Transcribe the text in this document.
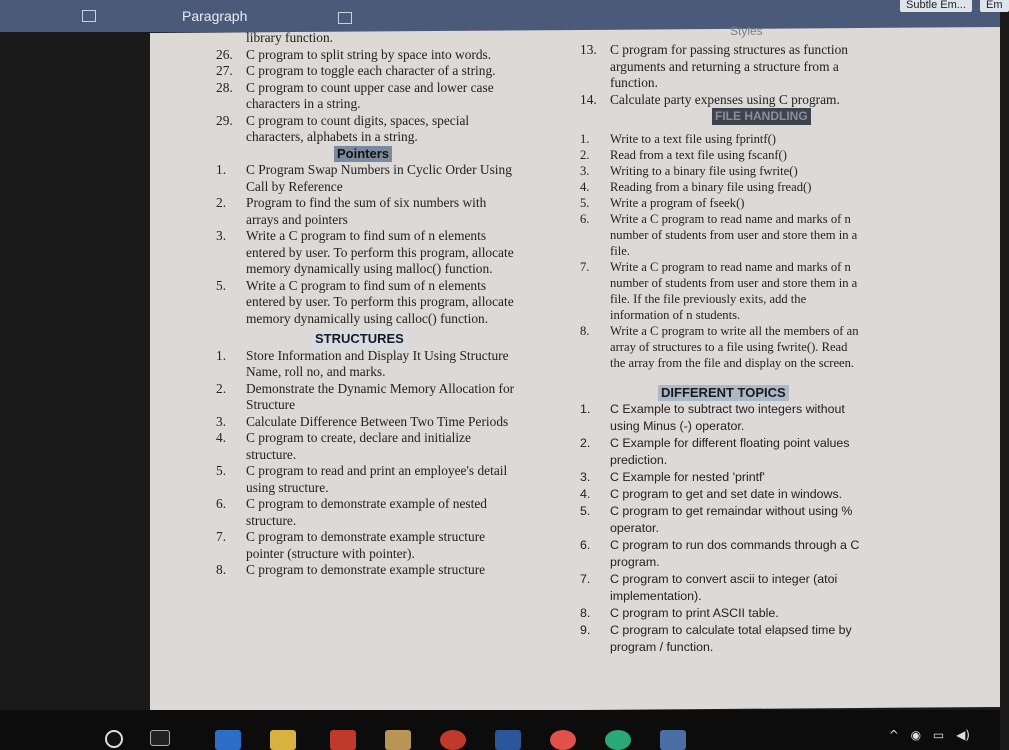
Paragraph
Subtle Em...	Em
Styles
library function.
26. C program to split string by space into words.
27. C program to toggle each character of a string.
28. C program to count upper case and lower case characters in a string.
29. C program to count digits, spaces, special characters, alphabets in a string.
Pointers
1. C Program Swap Numbers in Cyclic Order Using Call by Reference
2. Program to find the sum of six numbers with arrays and pointers
3. Write a C program to find sum of n elements entered by user. To perform this program, allocate memory dynamically using malloc() function.
5. Write a C program to find sum of n elements entered by user. To perform this program, allocate memory dynamically using calloc() function.
STRUCTURES
1. Store Information and Display It Using Structure Name, roll no, and marks.
2. Demonstrate the Dynamic Memory Allocation for Structure
3. Calculate Difference Between Two Time Periods
4. C program to create, declare and initialize structure.
5. C program to read and print an employee's detail using structure.
6. C program to demonstrate example of nested structure.
7. C program to demonstrate example structure pointer (structure with pointer).
8. C program to demonstrate example structure
13. C program for passing structures as function arguments and returning a structure from a function.
14. Calculate party expenses using C program.
FILE HANDLING
1. Write to a text file using fprintf()
2. Read from a text file using fscanf()
3. Writing to a binary file using fwrite()
4. Reading from a binary file using fread()
5. Write a program of fseek()
6. Write a C program to read name and marks of n number of students from user and store them in a file.
7. Write a C program to read name and marks of n number of students from user and store them in a file. If the file previously exits, add the information of n students.
8. Write a C program to write all the members of an array of structures to a file using fwrite(). Read the array from the file and display on the screen.
DIFFERENT TOPICS
1. C Example to subtract two integers without using Minus (-) operator.
2. C Example for different floating point values prediction.
3. C Example for nested 'printf'
4. C program to get and set date in windows.
5. C program to get remaindar without using % operator.
6. C program to run dos commands through a C program.
7. C program to convert ascii to integer (atoi implementation).
8. C program to print ASCII table.
9. C program to calculate total elapsed time by program / function.
^ ◉ ▭ ◀)
